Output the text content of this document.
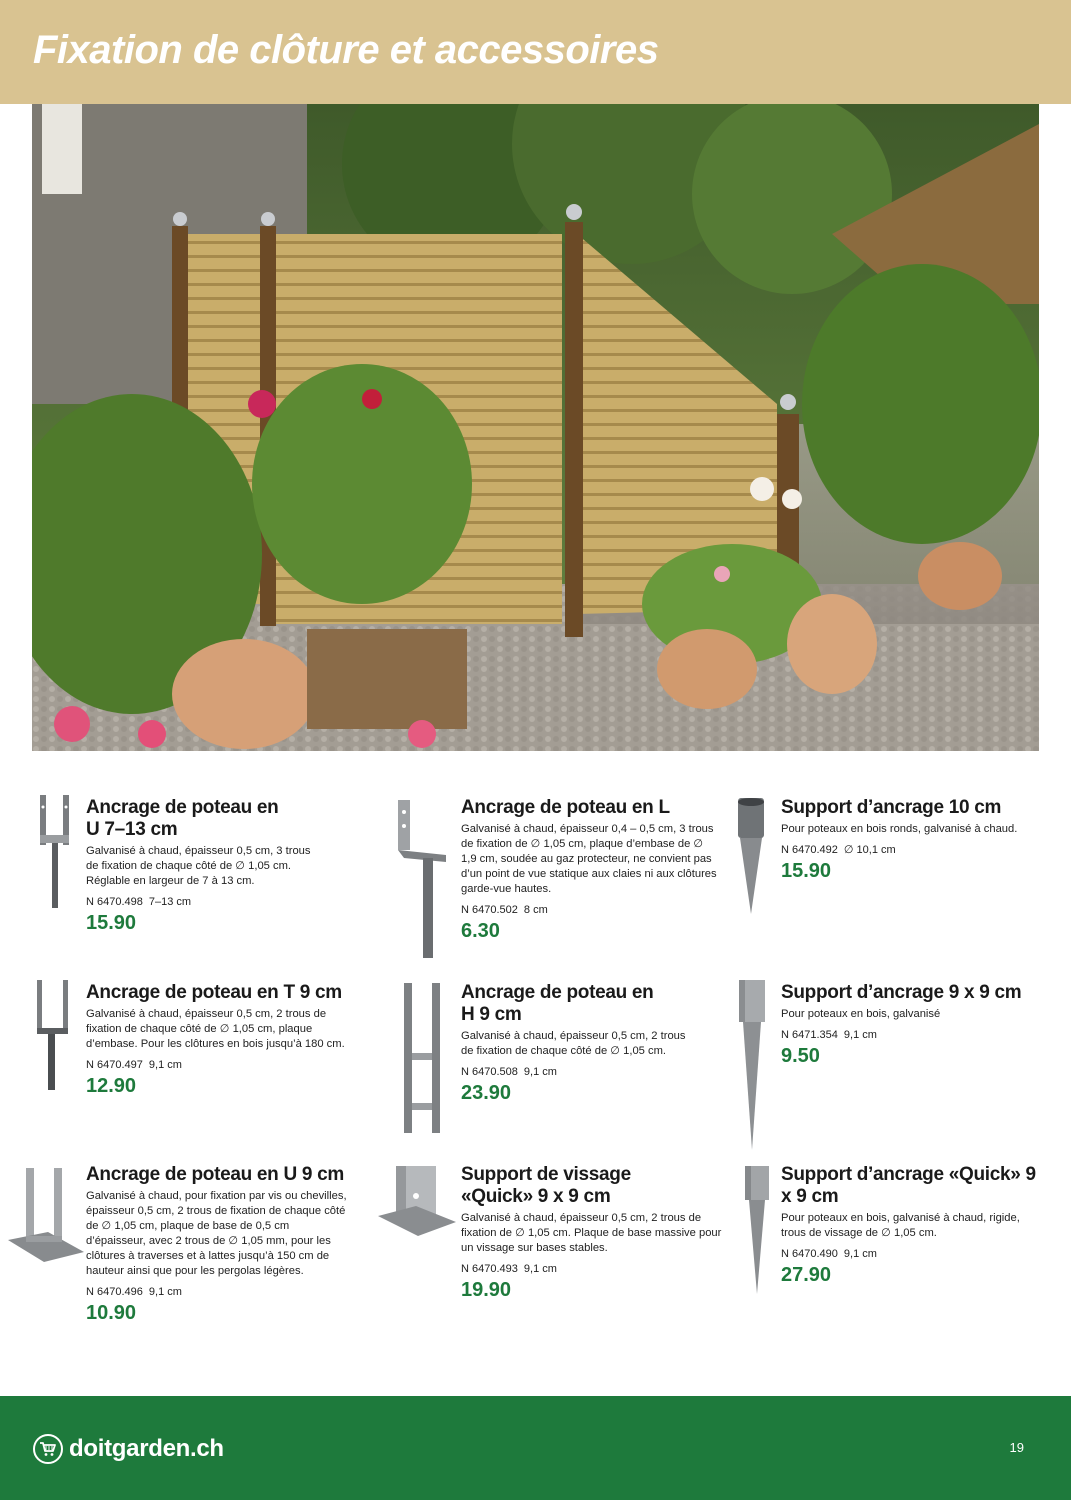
Fixation de clôture et accessoires
Ancrage de poteau en U 7–13 cm
Galvanisé à chaud, épaisseur 0,5 cm, 3 trous de fixation de chaque côté de ∅ 1,05 cm. Réglable en largeur de 7 à 13 cm.
N 6470.498 7–13 cm
15.90
Ancrage de poteau en L
Galvanisé à chaud, épaisseur 0,4 – 0,5 cm, 3 trous de fixation de ∅ 1,05 cm, plaque d’embase de ∅ 1,9 cm, soudée au gaz protecteur, ne convient pas d’un point de vue statique aux claies ni aux clôtures garde-vue hautes.
N 6470.502 8 cm
6.30
Support d’ancrage 10 cm
Pour poteaux en bois ronds, galvanisé à chaud.
N 6470.492 ∅ 10,1 cm
15.90
Ancrage de poteau en T 9 cm
Galvanisé à chaud, épaisseur 0,5 cm, 2 trous de fixation de chaque côté de ∅ 1,05 cm, plaque d’embase. Pour les clôtures en bois jusqu’à 180 cm.
N 6470.497 9,1 cm
12.90
Ancrage de poteau en H 9 cm
Galvanisé à chaud, épaisseur 0,5 cm, 2 trous de fixation de chaque côté de ∅ 1,05 cm.
N 6470.508 9,1 cm
23.90
Support d’ancrage 9 x 9 cm
Pour poteaux en bois, galvanisé
N 6471.354 9,1 cm
9.50
Ancrage de poteau en U 9 cm
Galvanisé à chaud, pour fixation par vis ou chevilles, épaisseur 0,5 cm, 2 trous de fixation de chaque côté de ∅ 1,05 cm, plaque de base de 0,5 cm d’épaisseur, avec 2 trous de ∅ 1,05 mm, pour les clôtures à traverses et à lattes jusqu’à 150 cm de hauteur ainsi que pour les pergolas légères.
N 6470.496 9,1 cm
10.90
Support de vissage «Quick» 9 x 9 cm
Galvanisé à chaud, épaisseur 0,5 cm, 2 trous de fixation de ∅ 1,05 cm. Plaque de base massive pour un vissage sur bases stables.
N 6470.493 9,1 cm
19.90
Support d’ancrage «Quick» 9 x 9 cm
Pour poteaux en bois, galvanisé à chaud, rigide, trous de vissage de ∅ 1,05 cm.
N 6470.490 9,1 cm
27.90
doitgarden.ch	19
